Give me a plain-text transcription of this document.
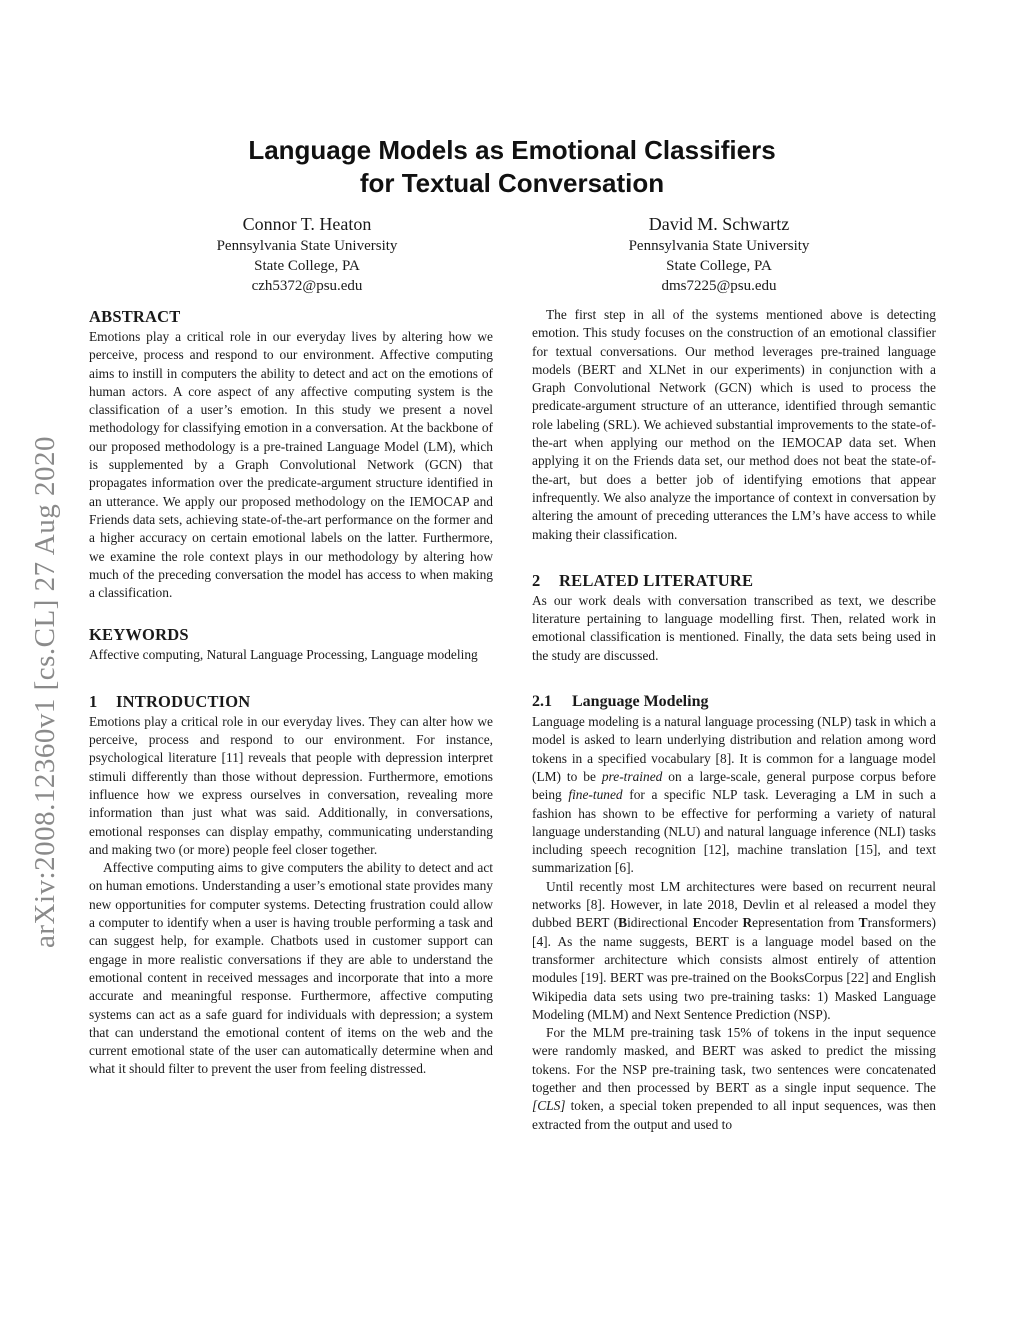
arXiv:2008.12360v1 [cs.CL] 27 Aug 2020
Language Models as Emotional Classifiers
for Textual Conversation
Connor T. Heaton
Pennsylvania State University
State College, PA
czh5372@psu.edu
David M. Schwartz
Pennsylvania State University
State College, PA
dms7225@psu.edu
ABSTRACT

Emotions play a critical role in our everyday lives by altering how we perceive, process and respond to our environment. Affective computing aims to instill in computers the ability to detect and act on the emotions of human actors. A core aspect of any affective computing system is the classification of a user’s emotion. In this study we present a novel methodology for classifying emotion in a conversation. At the backbone of our proposed methodology is a pre-trained Language Model (LM), which is supplemented by a Graph Convolutional Network (GCN) that propagates information over the predicate-argument structure identified in an utterance. We apply our proposed methodology on the IEMOCAP and Friends data sets, achieving state-of-the-art performance on the former and a higher accuracy on certain emotional labels on the latter. Furthermore, we examine the role context plays in our methodology by altering how much of the preceding conversation the model has access to when making a classification.

KEYWORDS

Affective computing, Natural Language Processing, Language modeling

1 INTRODUCTION

Emotions play a critical role in our everyday lives. They can alter how we perceive, process and respond to our environment. For instance, psychological literature [11] reveals that people with depression interpret stimuli differently than those without depression. Furthermore, emotions influence how we express ourselves in conversation, revealing more information than just what was said. Additionally, in conversations, emotional responses can display empathy, communicating understanding and making two (or more) people feel closer together.

Affective computing aims to give computers the ability to detect and act on human emotions. Understanding a user’s emotional state provides many new opportunities for computer systems. Detecting frustration could allow a computer to identify when a user is having trouble performing a task and can suggest help, for example. Chatbots used in customer support can engage in more realistic conversations if they are able to understand the emotional content in received messages and incorporate that into a more accurate and meaningful response. Furthermore, affective computing systems can act as a safe guard for individuals with depression; a system that can understand the emotional content of items on the web and the current emotional state of the user can automatically determine when and what it should filter to prevent the user from feeling distressed.

The first step in all of the systems mentioned above is detecting emotion. This study focuses on the construction of an emotional classifier for textual conversations. Our method leverages pre-trained language models (BERT and XLNet in our experiments) in conjunction with a Graph Convolutional Network (GCN) which is used to process the predicate-argument structure of an utterance, identified through semantic role labeling (SRL). We achieved substantial improvements to the state-of-the-art when applying our method on the IEMOCAP data set. When applying it on the Friends data set, our method does not beat the state-of-the-art, but does a better job of identifying emotions that appear infrequently. We also analyze the importance of context in conversation by altering the amount of preceding utterances the LM’s have access to while making their classification.

2 RELATED LITERATURE

As our work deals with conversation transcribed as text, we describe literature pertaining to language modelling first. Then, related work in emotional classification is mentioned. Finally, the data sets being used in the study are discussed.

2.1 Language Modeling

Language modeling is a natural language processing (NLP) task in which a model is asked to learn underlying distribution and relation among word tokens in a specified vocabulary [8]. It is common for a language model (LM) to be pre-trained on a large-scale, general purpose corpus before being fine-tuned for a specific NLP task. Leveraging a LM in such a fashion has shown to be effective for performing a variety of natural language understanding (NLU) and natural language inference (NLI) tasks including speech recognition [12], machine translation [15], and text summarization [6].

Until recently most LM architectures were based on recurrent neural networks [8]. However, in late 2018, Devlin et al released a model they dubbed BERT (Bidirectional Encoder Representation from Transformers) [4]. As the name suggests, BERT is a language model based on the transformer architecture which consists almost entirely of attention modules [19]. BERT was pre-trained on the BooksCorpus [22] and English Wikipedia data sets using two pre-training tasks: 1) Masked Language Modeling (MLM) and Next Sentence Prediction (NSP).

For the MLM pre-training task 15% of tokens in the input sequence were randomly masked, and BERT was asked to predict the missing tokens. For the NSP pre-training task, two sentences were concatenated together and then processed by BERT as a single input sequence. The [CLS] token, a special token prepended to all input sequences, was then extracted from the output and used to
